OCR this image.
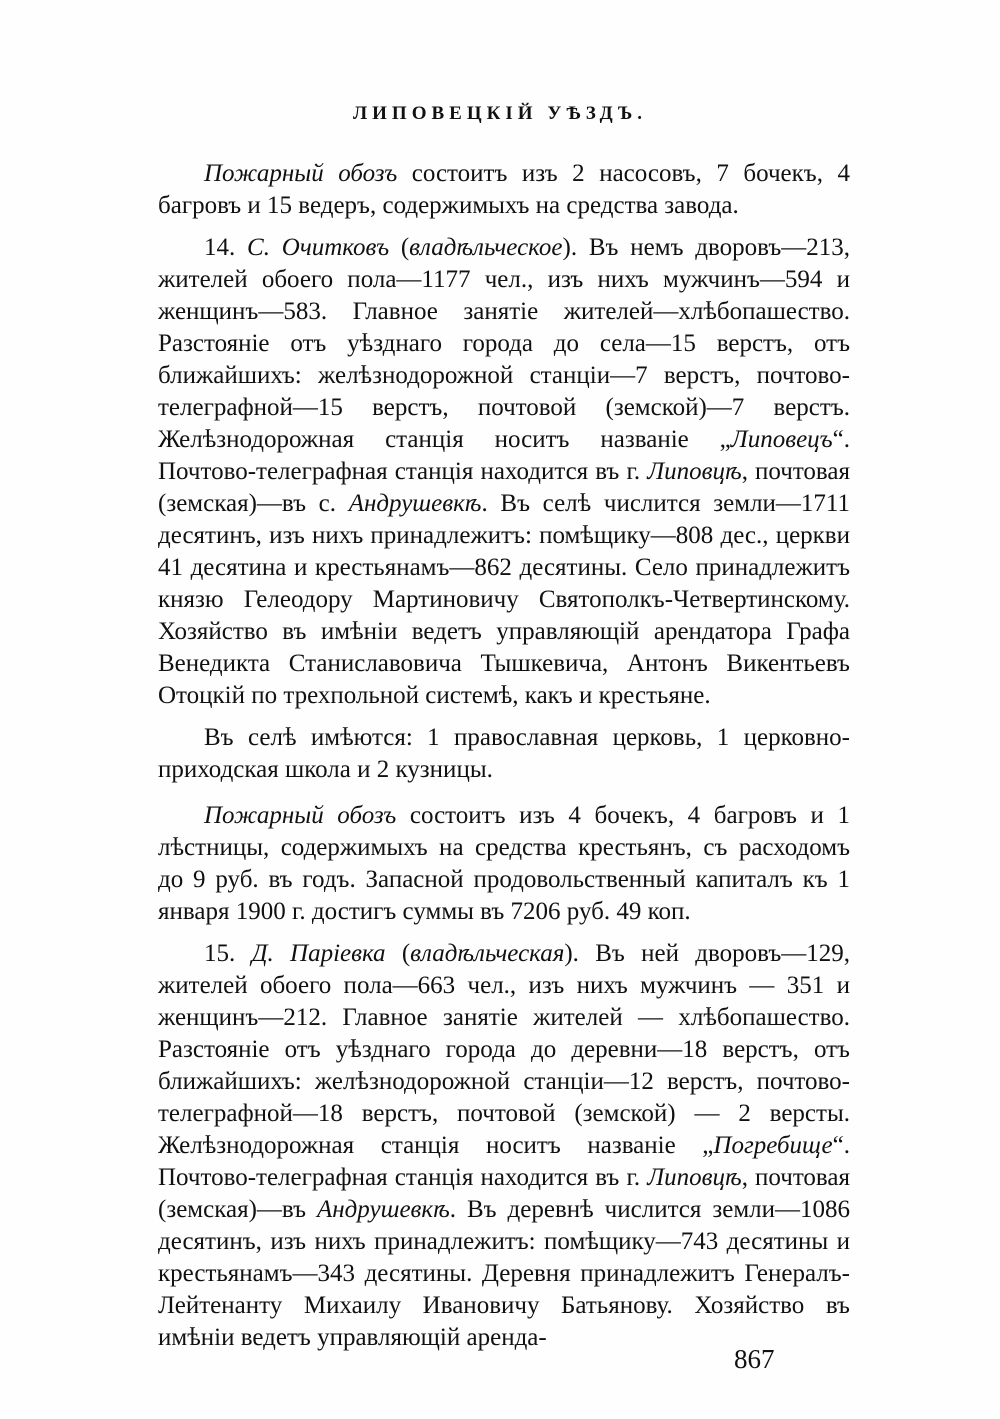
ЛИПОВЕЦКІЙ УѢЗДЪ.

Пожарный обозъ состоитъ изъ 2 насосовъ, 7 бочекъ, 4 багровъ и 15 ведеръ, содержимыхъ на средства завода.

14. С. Очитковъ (владѣльческое). Въ немъ дворовъ—213, жителей обоего пола—1177 чел., изъ нихъ мужчинъ—594 и женщинъ—583. Главное занятіе жителей—хлѣбопашество. Разстояніе отъ уѣзднаго города до села—15 верстъ, отъ ближайшихъ: желѣзнодорожной станціи—7 верстъ, почтово-телеграфной—15 верстъ, почтовой (земской)—7 верстъ. Желѣзнодорожная станція носитъ названіе „Липовецъ“. Почтово-телеграфная станція находится въ г. Липовцѣ, почтовая (земская)—въ с. Андрушевкѣ. Въ селѣ числится земли—1711 десятинъ, изъ нихъ принадлежитъ: помѣщику—808 дес., церкви 41 десятина и крестьянамъ—862 десятины. Село принадлежитъ князю Гелеодору Мартиновичу Святополкъ-Четвертинскому. Хозяйство въ имѣніи ведетъ управляющій арендатора Графа Венедикта Станиславовича Тышкевича, Антонъ Викентьевъ Отоцкій по трехпольной системѣ, какъ и крестьяне.

Въ селѣ имѣются: 1 православная церковь, 1 церковно-приходская школа и 2 кузницы.

Пожарный обозъ состоитъ изъ 4 бочекъ, 4 багровъ и 1 лѣстницы, содержимыхъ на средства крестьянъ, съ расходомъ до 9 руб. въ годъ. Запасной продовольственный капиталъ къ 1 января 1900 г. достигъ суммы въ 7206 руб. 49 коп.

15. Д. Паріевка (владѣльческая). Въ ней дворовъ—129, жителей обоего пола—663 чел., изъ нихъ мужчинъ — 351 и женщинъ—212. Главное занятіе жителей — хлѣбопашество. Разстояніе отъ уѣзднаго города до деревни—18 верстъ, отъ ближайшихъ: желѣзнодорожной станціи—12 верстъ, почтово-телеграфной—18 верстъ, почтовой (земской) — 2 версты. Желѣзнодорожная станція носитъ названіе „Погребище“. Почтово-телеграфная станція находится въ г. Липовцѣ, почтовая (земская)—въ Андрушевкѣ. Въ деревнѣ числится земли—1086 десятинъ, изъ нихъ принадлежитъ: помѣщику—743 десятины и крестьянамъ—343 десятины. Деревня принадлежитъ Генералъ-Лейтенанту Михаилу Ивановичу Батьянову. Хозяйство въ имѣніи ведетъ управляющій аренда-

867
